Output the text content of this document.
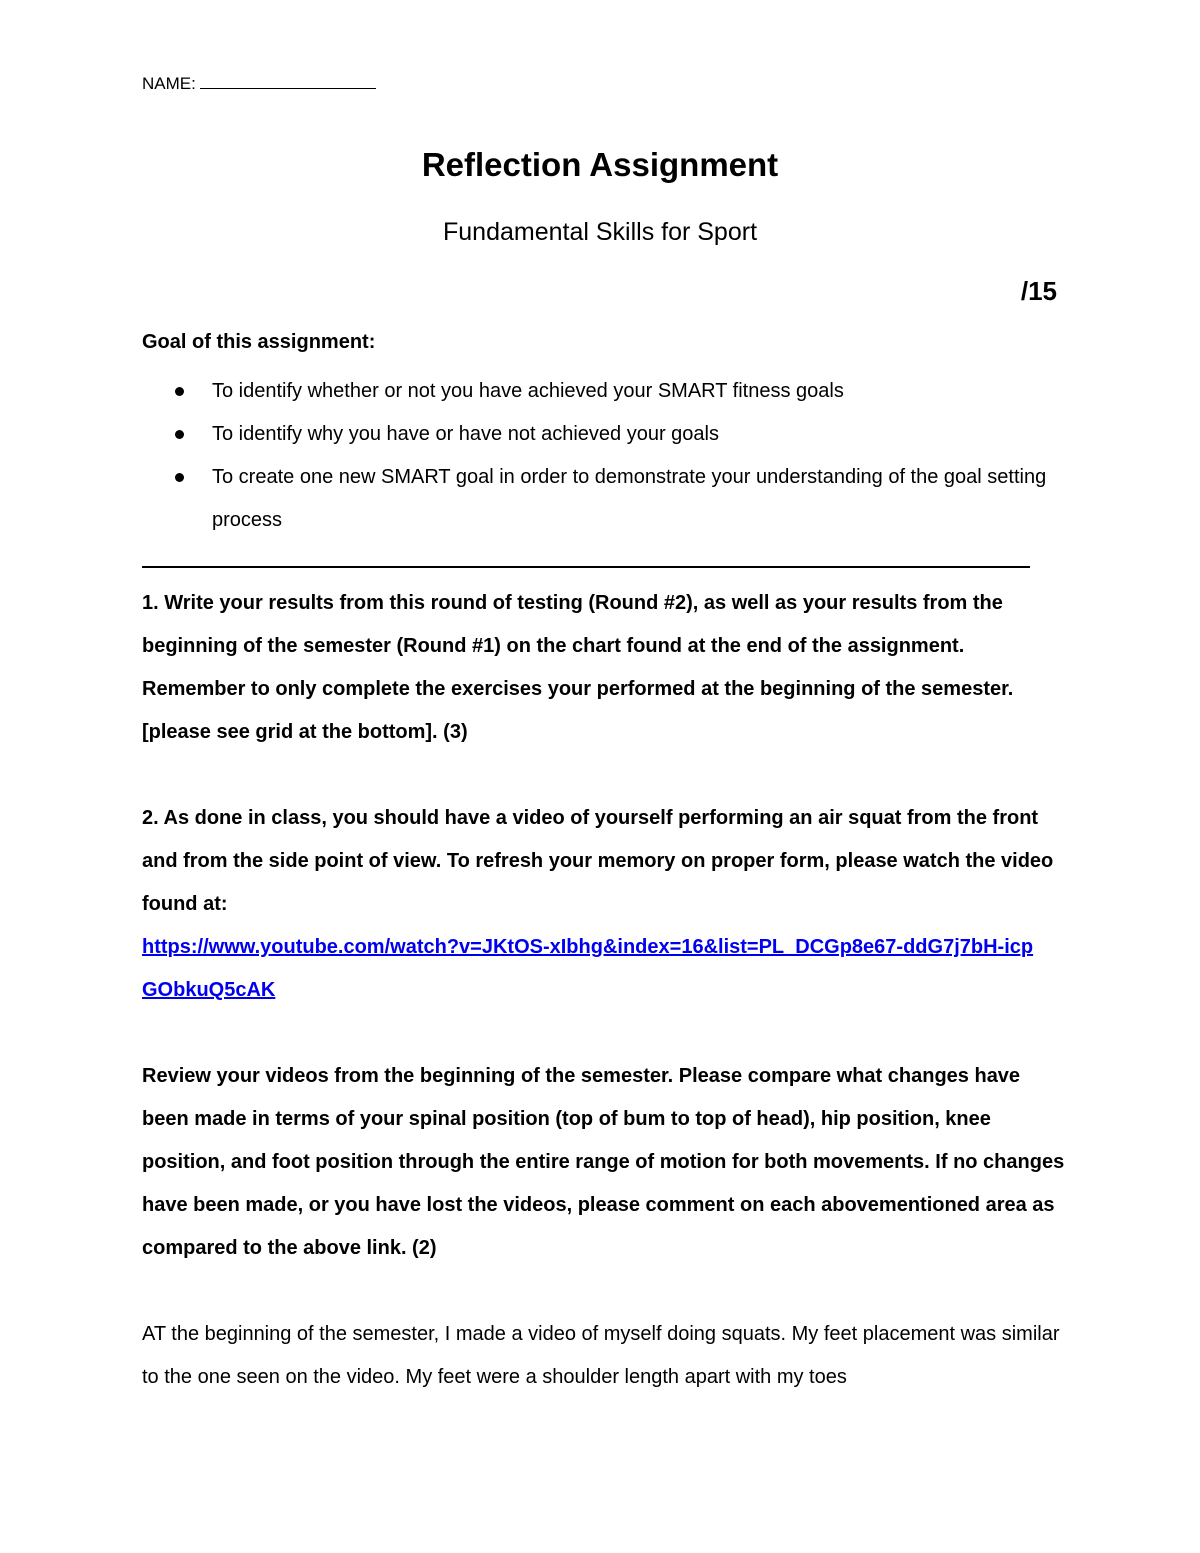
NAME:
Reflection Assignment
Fundamental Skills for Sport
/15
Goal of this assignment:
To identify whether or not you have achieved your SMART fitness goals
To identify why you have or have not achieved your goals
To create one new SMART goal in order to demonstrate your understanding of the goal setting process
1. Write your results from this round of testing (Round #2), as well as your results from the beginning of the semester (Round #1) on the chart found at the end of the assignment. Remember to only complete the exercises your performed at the beginning of the semester. [please see grid at the bottom]. (3)
2. As done in class, you should have a video of yourself performing an air squat from the front and from the side point of view. To refresh your memory on proper form, please watch the video found at:
https://www.youtube.com/watch?v=JKtOS-xIbhg&index=16&list=PL_DCGp8e67-ddG7j7bH-icpGObkuQ5cAK
Review your videos from the beginning of the semester. Please compare what changes have been made in terms of your spinal position (top of bum to top of head), hip position, knee position, and foot position through the entire range of motion for both movements. If no changes have been made, or you have lost the videos, please comment on each abovementioned area as compared to the above link. (2)
AT the beginning of the semester, I made a video of myself doing squats. My feet placement was similar to the one seen on the video. My feet were a shoulder length apart with my toes
